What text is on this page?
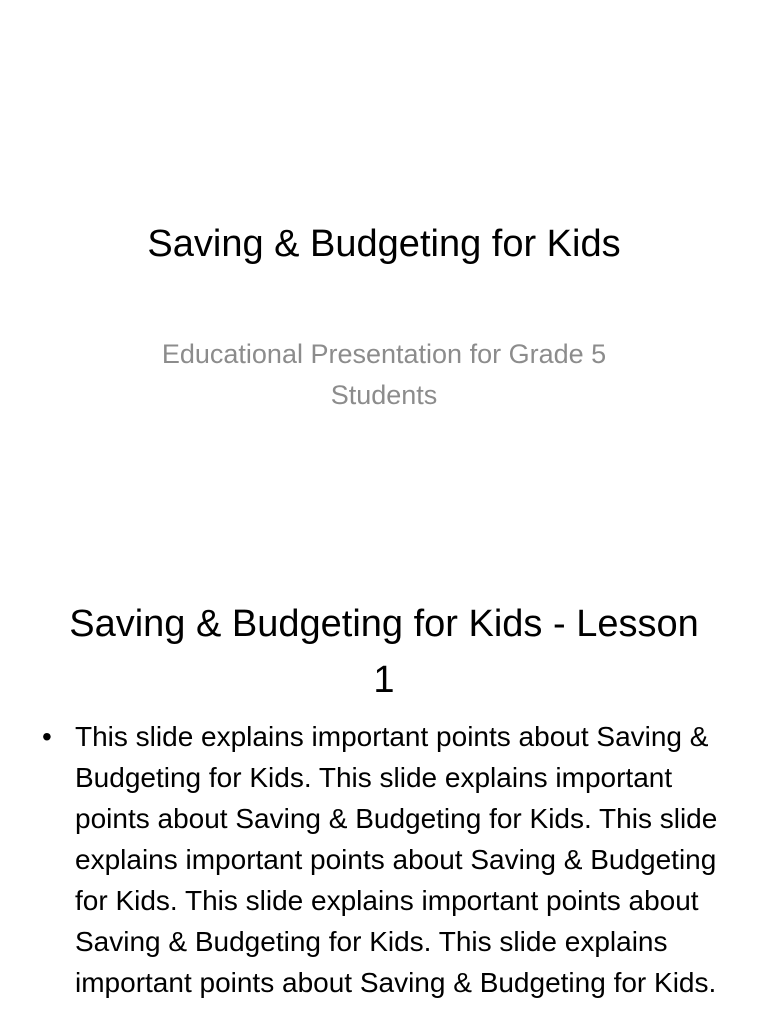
Saving & Budgeting for Kids

Educational Presentation for Grade 5 Students

Saving & Budgeting for Kids - Lesson 1
• This slide explains important points about Saving & Budgeting for Kids. This slide explains important points about Saving & Budgeting for Kids. This slide explains important points about Saving & Budgeting for Kids. This slide explains important points about Saving & Budgeting for Kids. This slide explains important points about Saving & Budgeting for Kids.
